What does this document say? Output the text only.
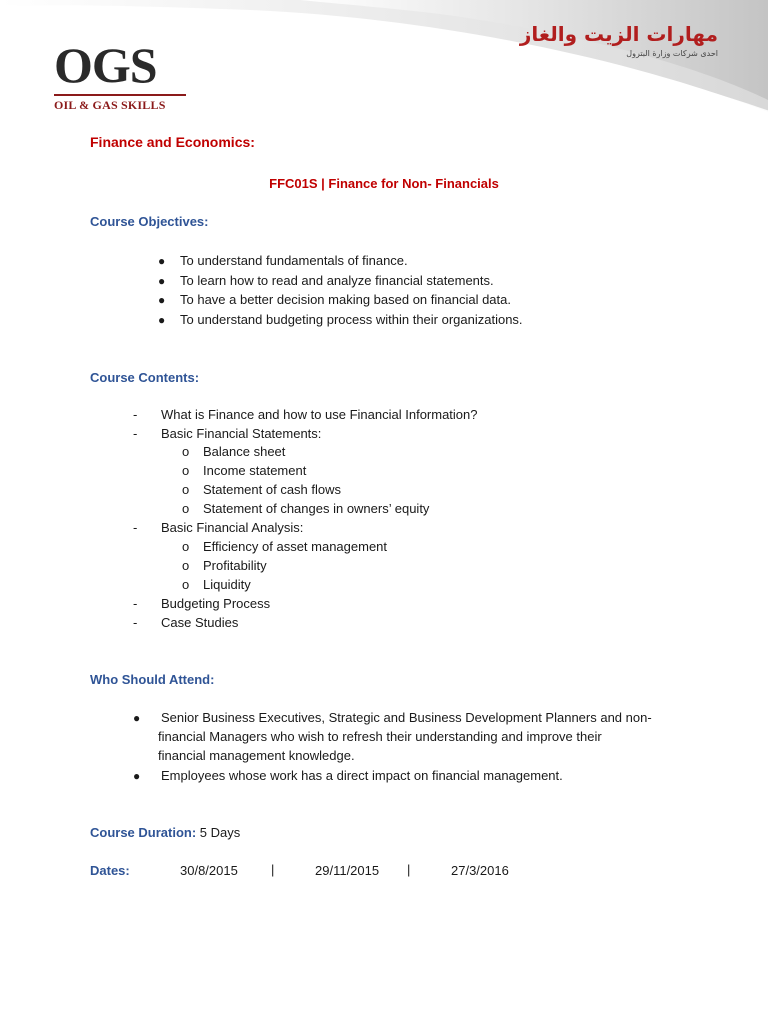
OGS
OIL & GAS SKILLS
مهارات الزيت والغاز
احدى شركات وزارة البترول
Finance and Economics:
FFC01S | Finance for Non- Financials
Course Objectives:
● To understand fundamentals of finance.
● To learn how to read and analyze financial statements.
● To have a better decision making based on financial data.
● To understand budgeting process within their organizations.
Course Contents:
- What is Finance and how to use Financial Information?
- Basic Financial Statements:
o Balance sheet
o Income statement
o Statement of cash flows
o Statement of changes in owners’ equity
- Basic Financial Analysis:
o Efficiency of asset management
o Profitability
o Liquidity
- Budgeting Process
- Case Studies
Who Should Attend:
● Senior Business Executives, Strategic and Business Development Planners and non-
financial Managers who wish to refresh their understanding and improve their
financial management knowledge.
● Employees whose work has a direct impact on financial management.
Course Duration: 5 Days
Dates:	30/8/2015	|	29/11/2015 |	27/3/2016
